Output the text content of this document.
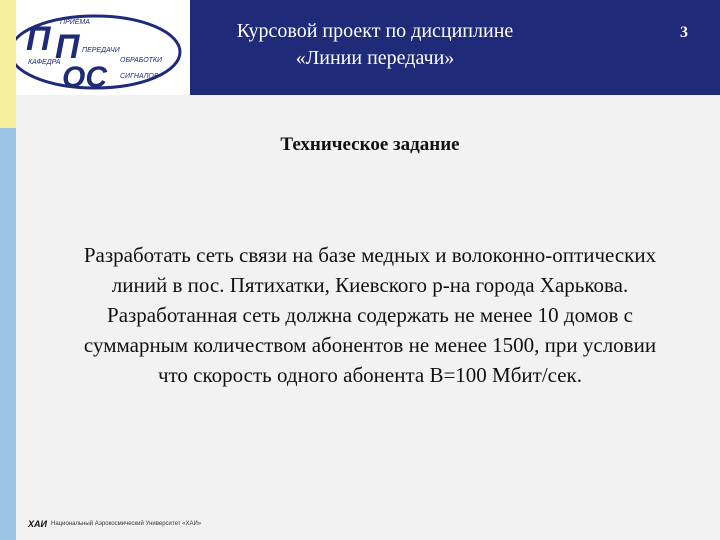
П П
ОС
ПРИЁМА
ПЕРЕДАЧИ
ОБРАБОТКИ
КАФЕДРА
СИГНАЛОВ
Курсовой проект по дисциплине
«Линии передачи»
3
Техническое задание
Разработать сеть связи на базе медных и волоконно-оптических
линий в пос. Пятихатки, Киевского р-на города Харькова.
Разработанная сеть должна содержать не менее 10 домов с
суммарным количеством абонентов не менее 1500, при условии
что скорость одного абонента B=100 Мбит/сек.
ХАИ Национальный Аэрокосмический Университет «ХАИ»
